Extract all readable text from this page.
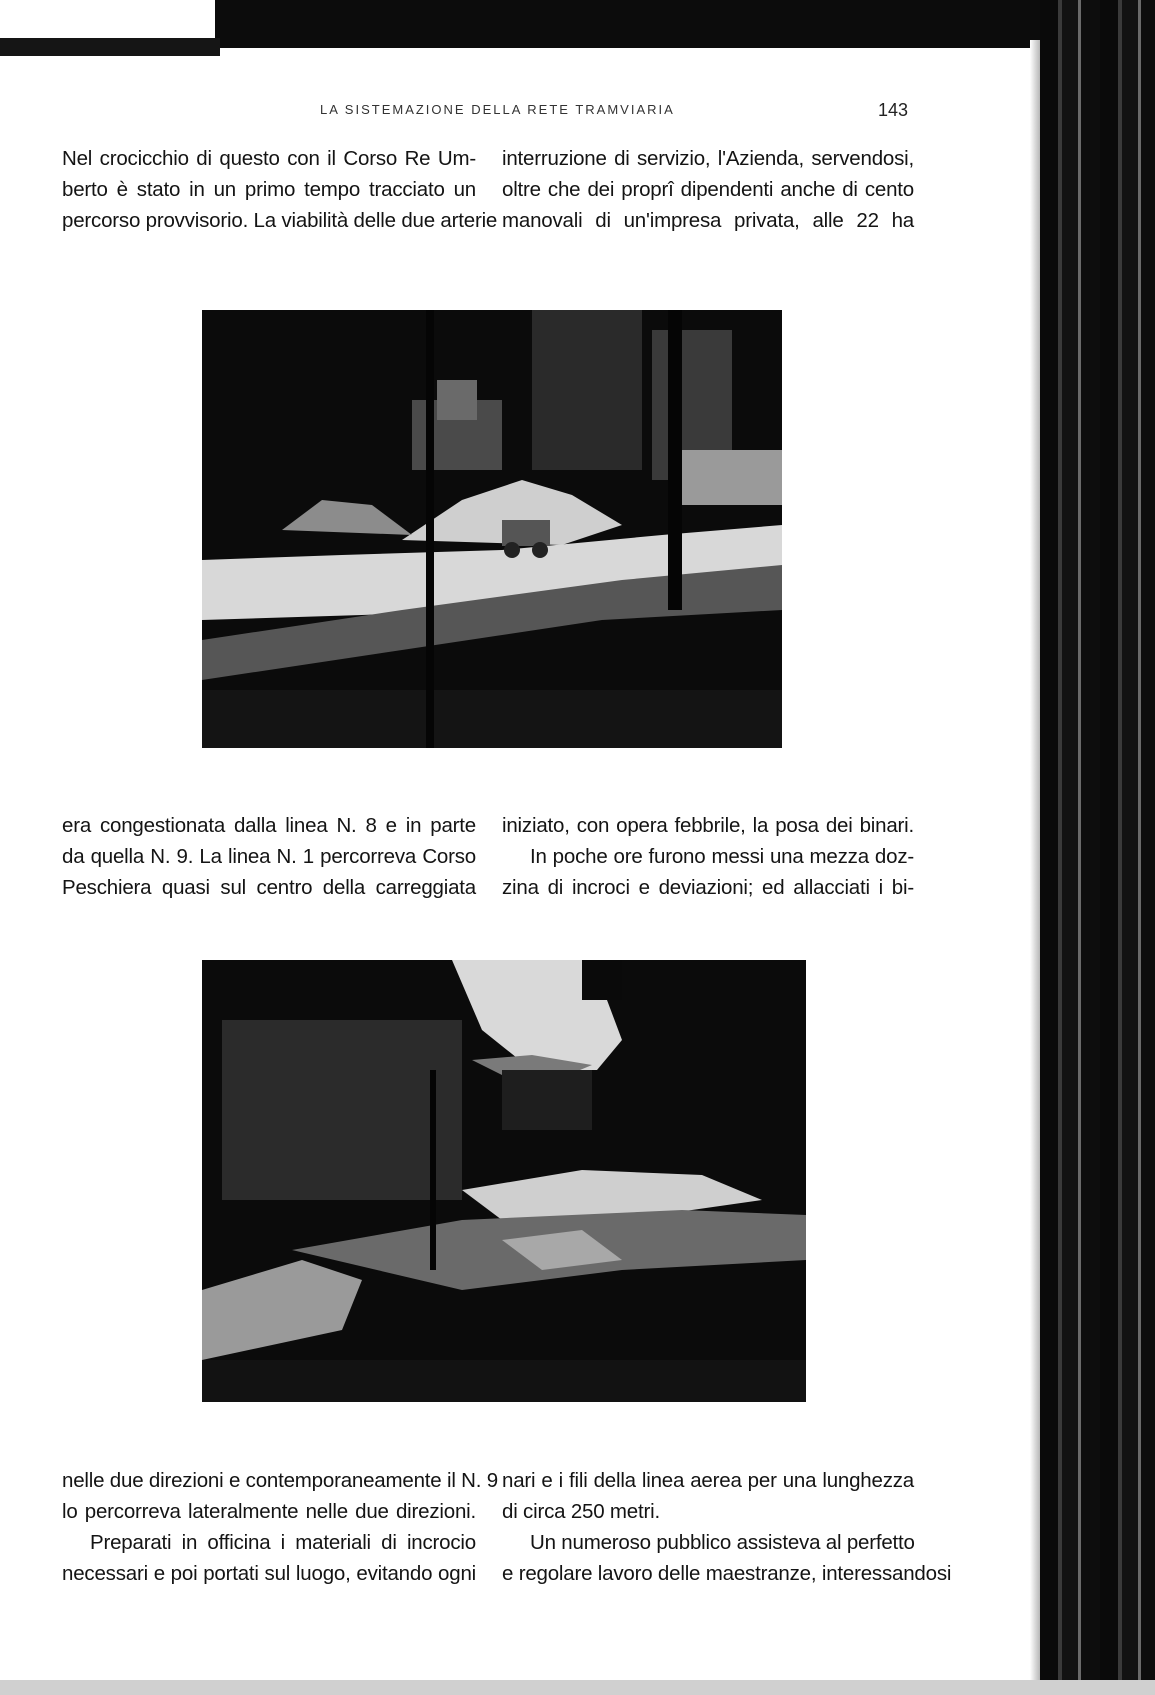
LA SISTEMAZIONE DELLA RETE TRAMVIARIA	143
Nel crocicchio di questo con il Corso Re Um-
berto è stato in un primo tempo tracciato un
percorso provvisorio. La viabilità delle due arterie
interruzione di servizio, l'Azienda, servendosi,
oltre che dei proprî dipendenti anche di cento
manovali di un'impresa privata, alle 22 ha
era congestionata dalla linea N. 8 e in parte
da quella N. 9. La linea N. 1 percorreva Corso
Peschiera quasi sul centro della carreggiata
iniziato, con opera febbrile, la posa dei binari.
In poche ore furono messi una mezza doz-
zina di incroci e deviazioni; ed allacciati i bi-
nelle due direzioni e contemporaneamente il N. 9
lo percorreva lateralmente nelle due direzioni.
Preparati in officina i materiali di incrocio
necessari e poi portati sul luogo, evitando ogni
nari e i fili della linea aerea per una lunghezza
di circa 250 metri.
Un numeroso pubblico assisteva al perfetto
e regolare lavoro delle maestranze, interessandosi
